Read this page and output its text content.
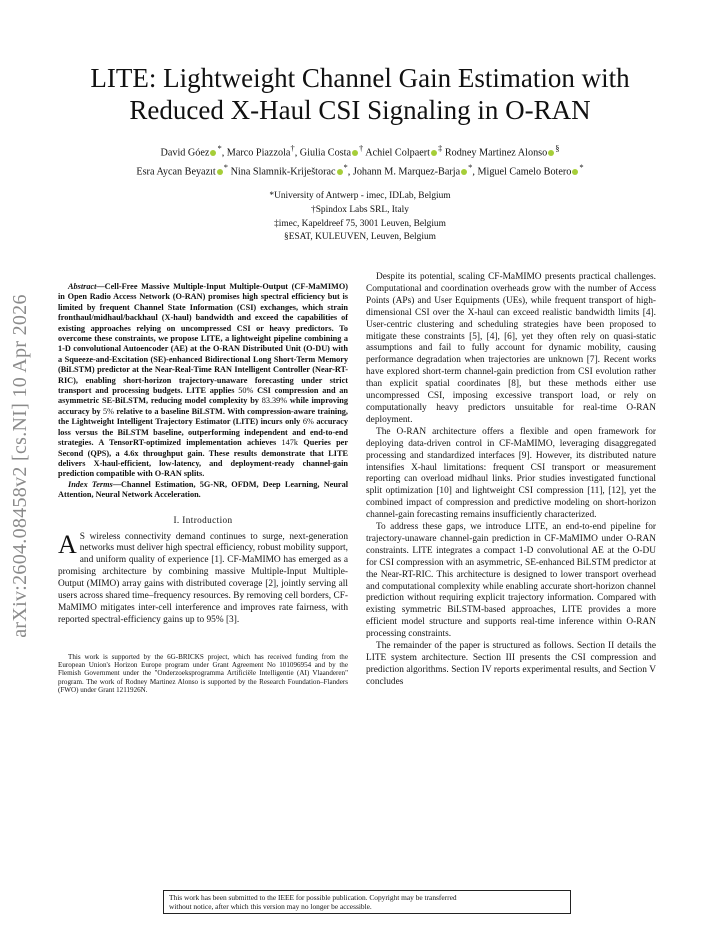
arXiv:2604.08458v2 [cs.NI] 10 Apr 2026
LITE: Lightweight Channel Gain Estimation with Reduced X-Haul CSI Signaling in O-RAN
David Góez *, Marco Piazzola†, Giulia Costa † Achiel Colpaert ‡ Rodney Martinez Alonso §
Esra Aycan Beyazıt * Nina Slamnik-Kriještorac *, Johann M. Marquez-Barja *, Miguel Camelo Botero *
*University of Antwerp - imec, IDLab, Belgium
†Spindox Labs SRL, Italy
‡imec, Kapeldreef 75, 3001 Leuven, Belgium
§ESAT, KULEUVEN, Leuven, Belgium

Abstract—Cell-Free Massive Multiple-Input Multiple-Output (CF-MaMIMO) in Open Radio Access Network (O-RAN) promises high spectral efficiency but is limited by frequent Channel State Information (CSI) exchanges, which strain fronthaul/midhaul/backhaul (X-haul) bandwidth and exceed the capabilities of existing approaches relying on uncompressed CSI or heavy predictors. To overcome these constraints, we propose LITE, a lightweight pipeline combining a 1-D convolutional Autoencoder (AE) at the O-RAN Distributed Unit (O-DU) with a Squeeze-and-Excitation (SE)-enhanced Bidirectional Long Short-Term Memory (BiLSTM) predictor at the Near-Real-Time RAN Intelligent Controller (Near-RT-RIC), enabling short-horizon trajectory-unaware forecasting under strict transport and processing budgets. LITE applies 50% CSI compression and an asymmetric SE-BiLSTM, reducing model complexity by 83.39% while improving accuracy by 5% relative to a baseline BiLSTM. With compression-aware training, the Lightweight Intelligent Trajectory Estimator (LITE) incurs only 6% accuracy loss versus the BiLSTM baseline, outperforming independent and end-to-end strategies. A TensorRT-optimized implementation achieves 147k Queries per Second (QPS), a 4.6x throughput gain. These results demonstrate that LITE delivers X-haul-efficient, low-latency, and deployment-ready channel-gain prediction compatible with O-RAN splits.

Index Terms—Channel Estimation, 5G-NR, OFDM, Deep Learning, Neural Attention, Neural Network Acceleration.

I. Introduction

A S wireless connectivity demand continues to surge, next-generation networks must deliver high spectral efficiency, robust mobility support, and uniform quality of experience [1]. CF-MaMIMO has emerged as a promising architecture by combining massive Multiple-Input Multiple-Output (MIMO) array gains with distributed coverage [2], jointly serving all users across shared time–frequency resources. By removing cell borders, CF-MaMIMO mitigates inter-cell interference and improves rate fairness, with reported spectral-efficiency gains up to 95% [3].

This work is supported by the 6G-BRICKS project, which has received funding from the European Union's Horizon Europe program under Grant Agreement No 101096954 and by the Flemish Government under the "Onderzoeksprogramma Artificiële Intelligentie (AI) Vlaanderen" program. The work of Rodney Martinez Alonso is supported by the Research Foundation–Flanders (FWO) under Grant 1211926N.

Despite its potential, scaling CF-MaMIMO presents practical challenges. Computational and coordination overheads grow with the number of Access Points (APs) and User Equipments (UEs), while frequent transport of high-dimensional CSI over the X-haul can exceed realistic bandwidth limits [4]. User-centric clustering and scheduling strategies have been proposed to mitigate these constraints [5], [4], [6], yet they often rely on quasi-static assumptions and fail to fully account for dynamic mobility, causing performance degradation when trajectories are unknown [7]. Recent works have explored short-term channel-gain prediction from CSI evolution rather than explicit spatial coordinates [8], but these methods either use uncompressed CSI, imposing excessive transport load, or rely on computationally heavy predictors unsuitable for real-time O-RAN deployment.

The O-RAN architecture offers a flexible and open framework for deploying data-driven control in CF-MaMIMO, leveraging disaggregated processing and standardized interfaces [9]. However, its distributed nature intensifies X-haul limitations: frequent CSI transport or measurement reporting can overload midhaul links. Prior studies investigated functional split optimization [10] and lightweight CSI compression [11], [12], yet the combined impact of compression and predictive modeling on short-horizon channel-gain forecasting remains insufficiently characterized.

To address these gaps, we introduce LITE, an end-to-end pipeline for trajectory-unaware channel-gain prediction in CF-MaMIMO under O-RAN constraints. LITE integrates a compact 1-D convolutional AE at the O-DU for CSI compression with an asymmetric, SE-enhanced BiLSTM predictor at the Near-RT-RIC. This architecture is designed to lower transport overhead and computational complexity while enabling accurate short-horizon channel prediction without requiring explicit trajectory information. Compared with existing symmetric BiLSTM-based approaches, LITE provides a more efficient model structure and supports real-time inference within O-RAN processing constraints.

The remainder of the paper is structured as follows. Section II details the LITE system architecture. Section III presents the CSI compression and prediction algorithms. Section IV reports experimental results, and Section V concludes

This work has been submitted to the IEEE for possible publication. Copyright may be transferred
without notice, after which this version may no longer be accessible.
